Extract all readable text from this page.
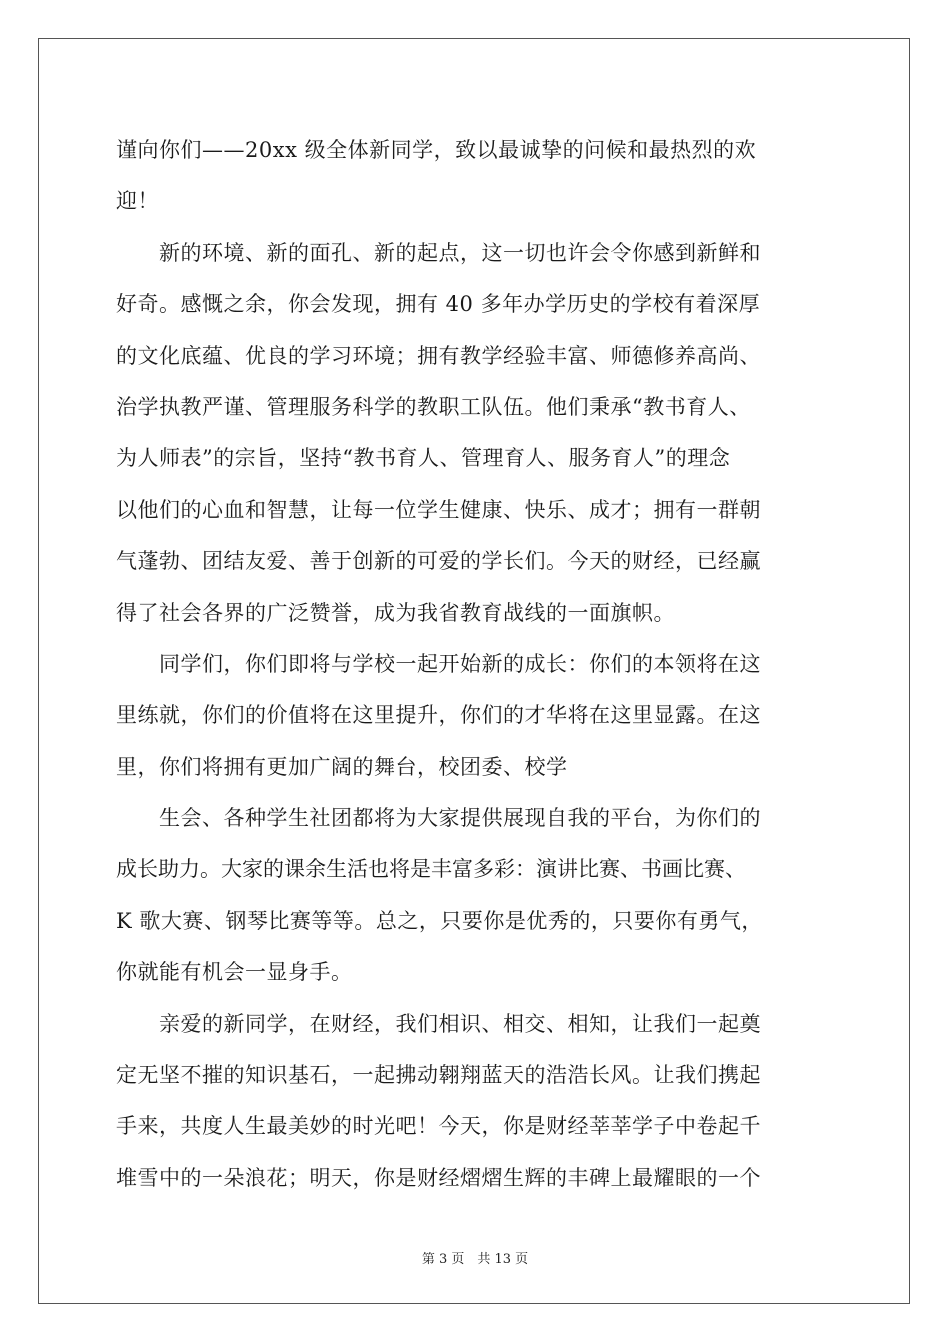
谨向你们——20xx 级全体新同学，致以最诚挚的问候和最热烈的欢
迎！
　　新的环境、新的面孔、新的起点，这一切也许会令你感到新鲜和
好奇。感慨之余，你会发现，拥有 40 多年办学历史的学校有着深厚
的文化底蕴、优良的学习环境；拥有教学经验丰富、师德修养高尚、
治学执教严谨、管理服务科学的教职工队伍。他们秉承“教书育人、
为人师表”的宗旨，坚持“教书育人、管理育人、服务育人”的理念
以他们的心血和智慧，让每一位学生健康、快乐、成才；拥有一群朝
气蓬勃、团结友爱、善于创新的可爱的学长们。今天的财经，已经赢
得了社会各界的广泛赞誉，成为我省教育战线的一面旗帜。
　　同学们，你们即将与学校一起开始新的成长：你们的本领将在这
里练就，你们的价值将在这里提升，你们的才华将在这里显露。在这
里，你们将拥有更加广阔的舞台，校团委、校学
　　生会、各种学生社团都将为大家提供展现自我的平台，为你们的
成长助力。大家的课余生活也将是丰富多彩：演讲比赛、书画比赛、
K 歌大赛、钢琴比赛等等。总之，只要你是优秀的，只要你有勇气，
你就能有机会一显身手。
　　亲爱的新同学，在财经，我们相识、相交、相知，让我们一起奠
定无坚不摧的知识基石，一起拂动翱翔蓝天的浩浩长风。让我们携起
手来，共度人生最美妙的时光吧！今天，你是财经莘莘学子中卷起千
堆雪中的一朵浪花；明天，你是财经熠熠生辉的丰碑上最耀眼的一个
第 3 页　共 13 页
